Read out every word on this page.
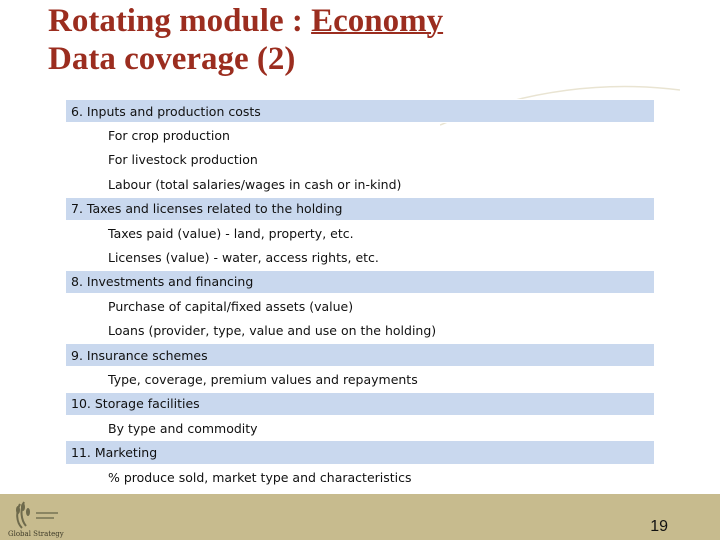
Rotating module : Economy
Data coverage (2)
6. Inputs and production costs
For crop production
For livestock production
Labour (total salaries/wages in cash or in-kind)
7. Taxes and licenses related to the holding
Taxes paid (value) - land, property, etc.
Licenses (value) - water, access rights, etc.
8. Investments and financing
Purchase of capital/fixed assets (value)
Loans (provider, type, value and use on the holding)
9. Insurance schemes
Type, coverage, premium values and repayments
10. Storage facilities
By type and commodity
11. Marketing
% produce sold, market type and characteristics
Global Strategy	19
